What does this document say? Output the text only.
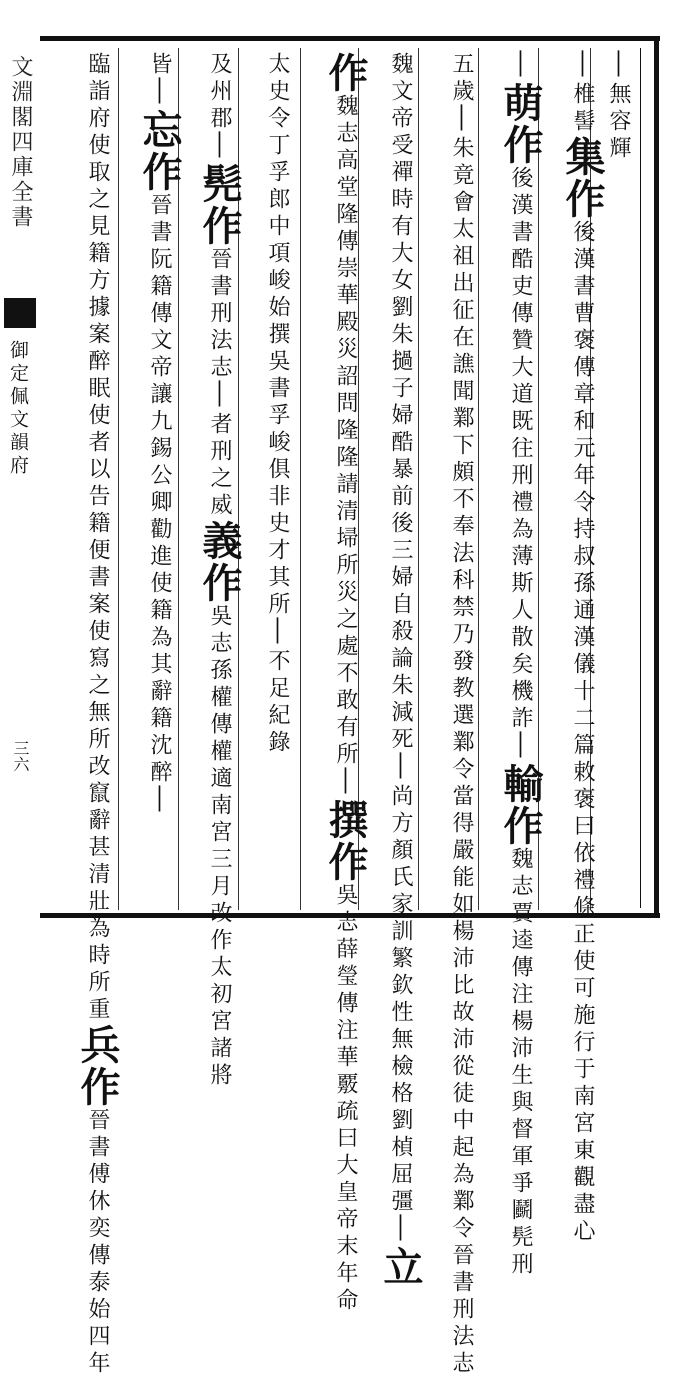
文淵閣四庫全書
御定佩文韻府
三六
│無容輝
│椎髻
集作
後漢書曹褒傳章和元年令持叔孫通漢儀十二篇敕褒曰依禮條正使可施行于南宮東觀盡心
│
萌作
後漢書酷吏傳贊大道既往刑禮為薄斯人散矣機詐│
輸作
魏志賈逵傳注楊沛生與督軍爭鬬髡刑
五歲│朱竟會太祖出征在譙聞鄴下頗不奉法科禁乃發教選鄴令當得嚴能如楊沛比故沛從徒中起為鄴令晉書刑法志
魏文帝受禪時有大女劉朱撾子婦酷暴前後三婦自殺論朱減死│尚方顏氏家訓繁欽性無檢格劉楨屈彊│
立
作
魏志高堂隆傳崇華殿災詔問隆隆請清埽所災之處不敢有所│
撰作
吳志薛瑩傳注華覈疏曰大皇帝末年命
太史令丁孚郎中項峻始撰吳書孚峻俱非史才其所│不足紀錄
及州郡│
髡作
晉書刑法志│者刑之威
義作
吳志孫權傳權適南宮三月改作太初宮諸將
皆│
忘作
晉書阮籍傳文帝讓九錫公卿勸進使籍為其辭籍沈醉│
臨詣府使取之見籍方據案醉眠使者以告籍便書案使寫之無所改竄辭甚清壯為時所重
兵作
晉書傅休奕傳泰始四年
